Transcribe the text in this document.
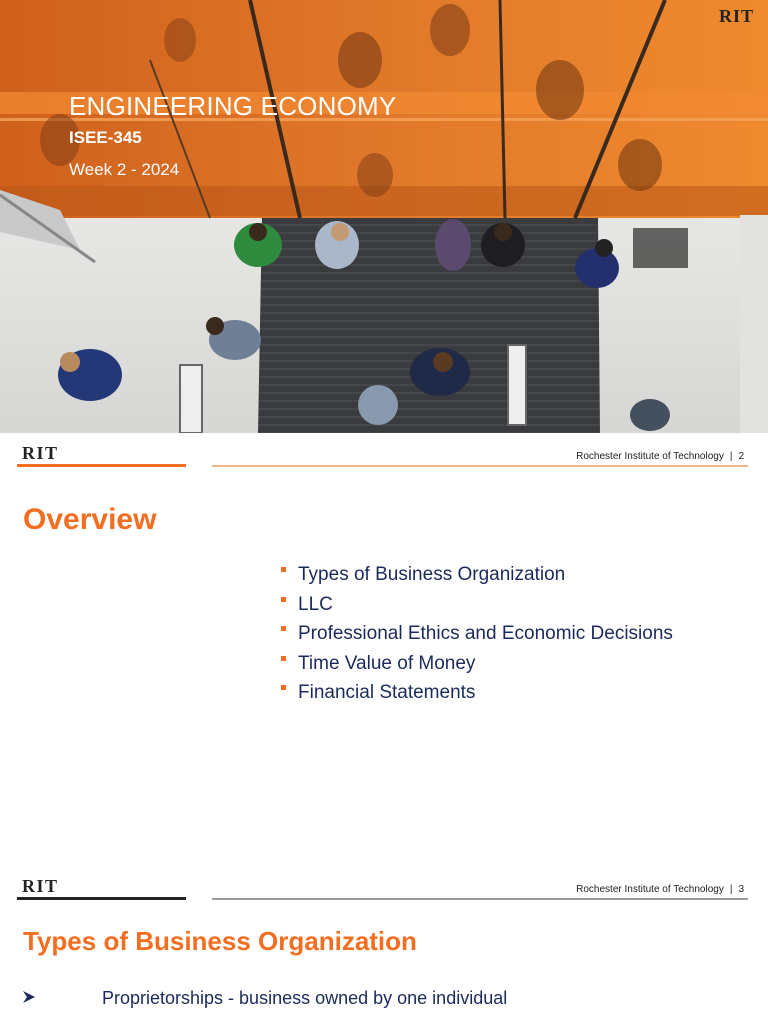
RIT
ENGINEERING ECONOMY
ISEE-345
Week 2 - 2024
RIT	Rochester Institute of Technology | 2
Overview
Types of Business Organization
LLC
Professional Ethics and Economic Decisions
Time Value of Money
Financial Statements
RIT	Rochester Institute of Technology | 3
Types of Business Organization
Proprietorships - business owned by one individual
